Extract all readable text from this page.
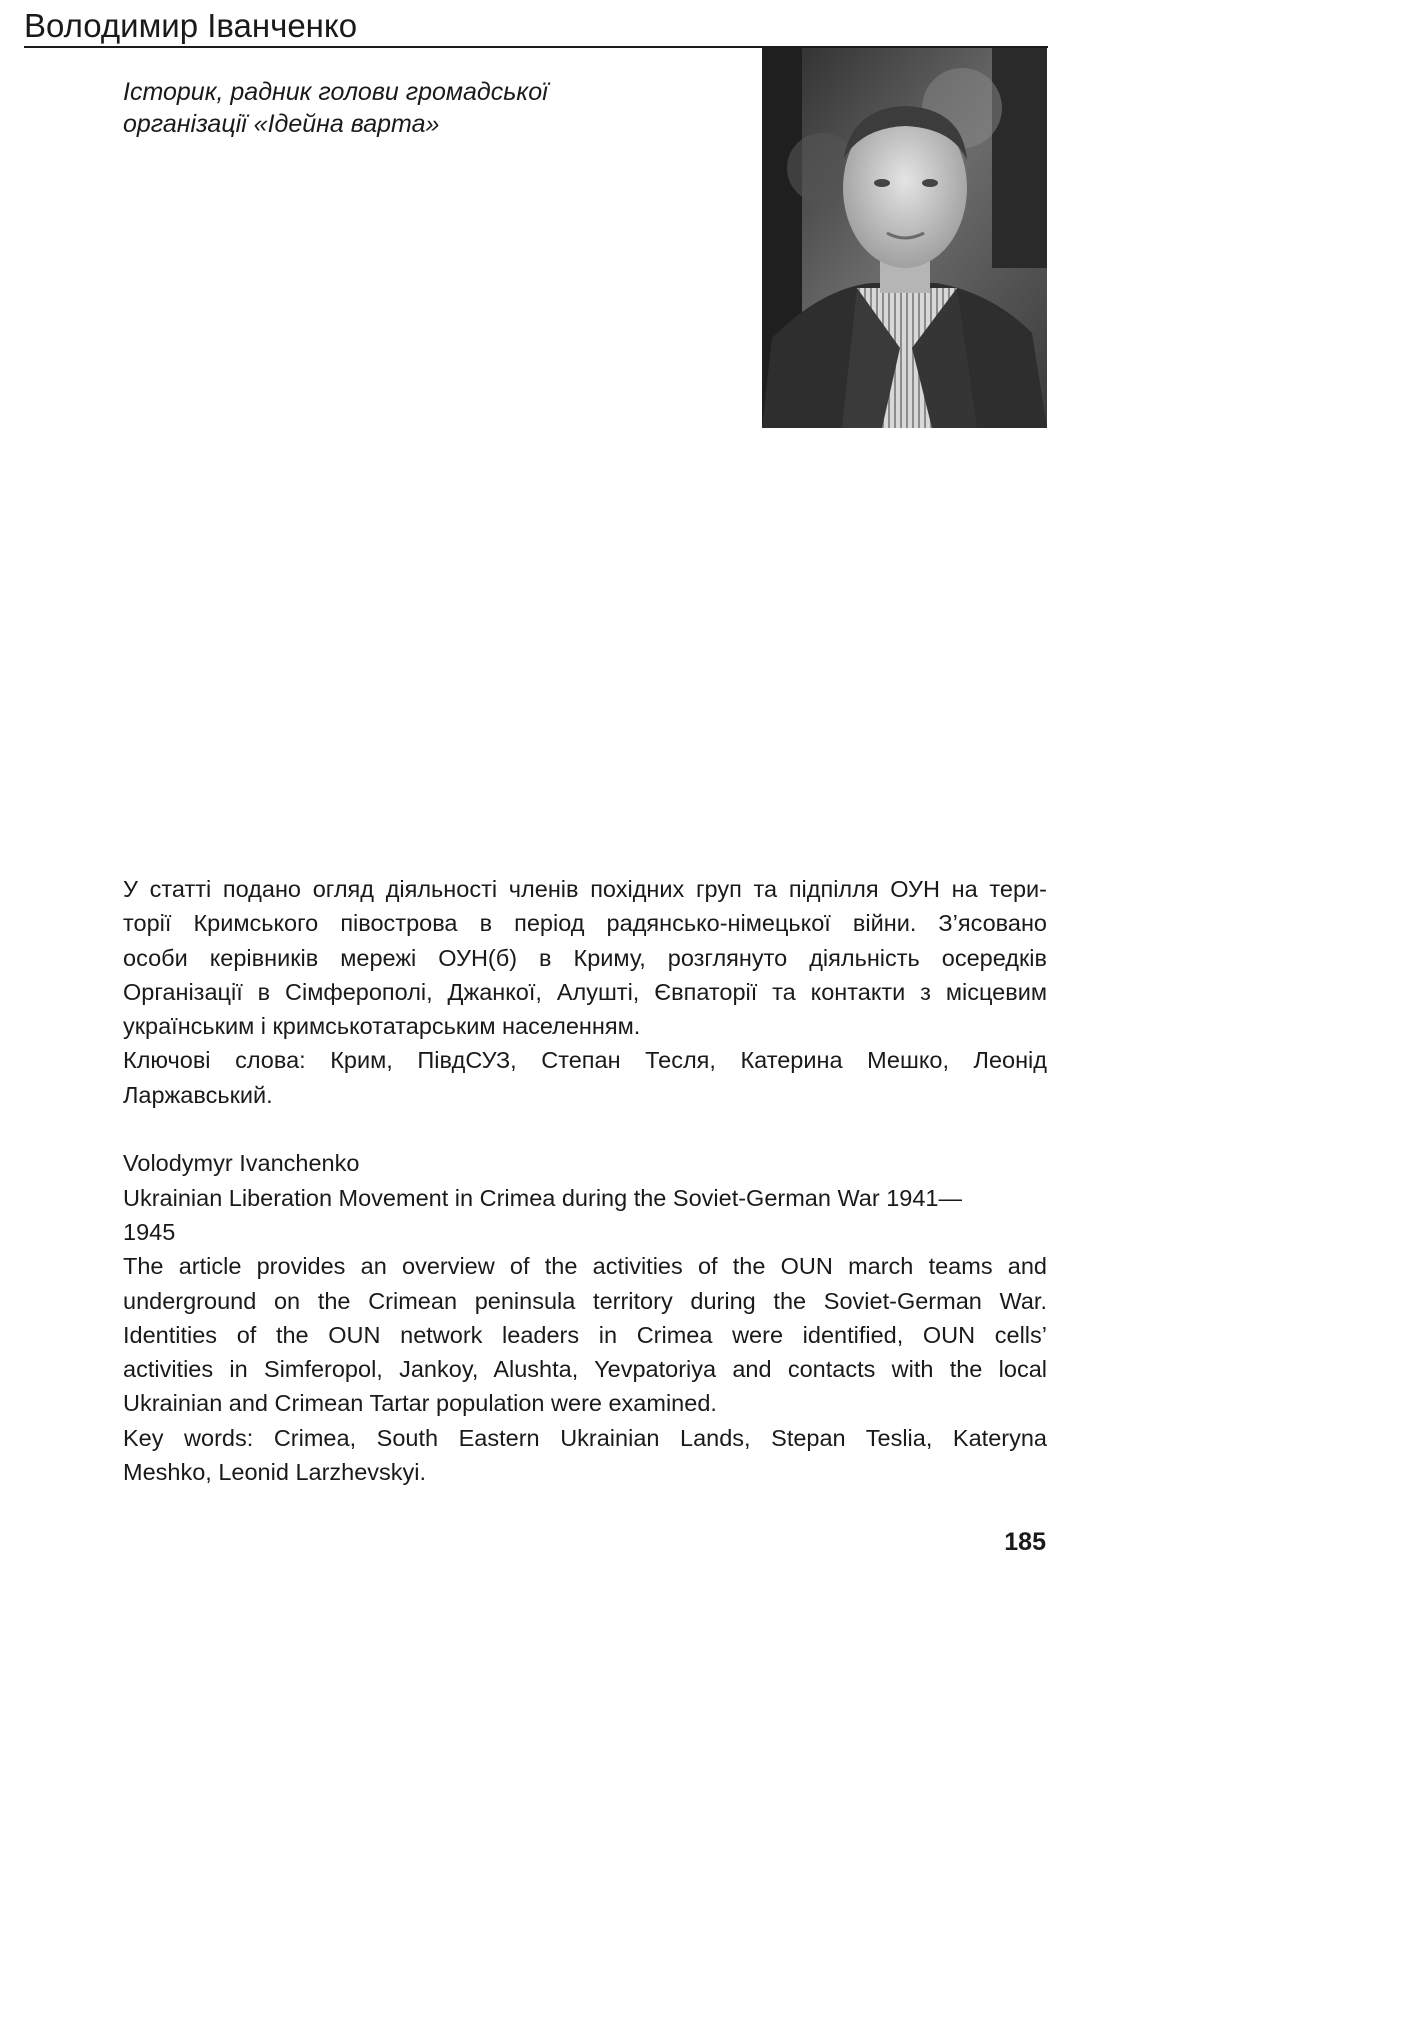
Володимир Іванченко

Історик, радник голови громадської
організації «Ідейна варта»

У статті подано огляд діяльності членів похідних груп та підпілля ОУН на тери-
торії Кримського півострова в період радянсько-німецької війни. З’ясовано
особи керівників мережі ОУН(б) в Криму, розглянуто діяльність осередків
Організації в Сімферополі, Джанкої, Алушті, Євпаторії та контакти з місцевим
українським і кримськотатарським населенням.
Ключові слова: Крим, ПівдСУЗ, Степан Тесля, Катерина Мешко, Леонід
Ларжавський.

Volodymyr Ivanchenko
Ukrainian Liberation Movement in Crimea during the Soviet-German War 1941—
1945
The article provides an overview of the activities of the OUN march teams and
underground on the Crimean peninsula territory during the Soviet-German War.
Identities of the OUN network leaders in Crimea were identified, OUN cells’
activities in Simferopol, Jankoy, Alushta, Yevpatoriya and contacts with the local
Ukrainian and Crimean Tartar population were examined.
Key words: Crimea, South Eastern Ukrainian Lands, Stepan Teslia, Kateryna
Meshko, Leonid Larzhevskyi.

185
